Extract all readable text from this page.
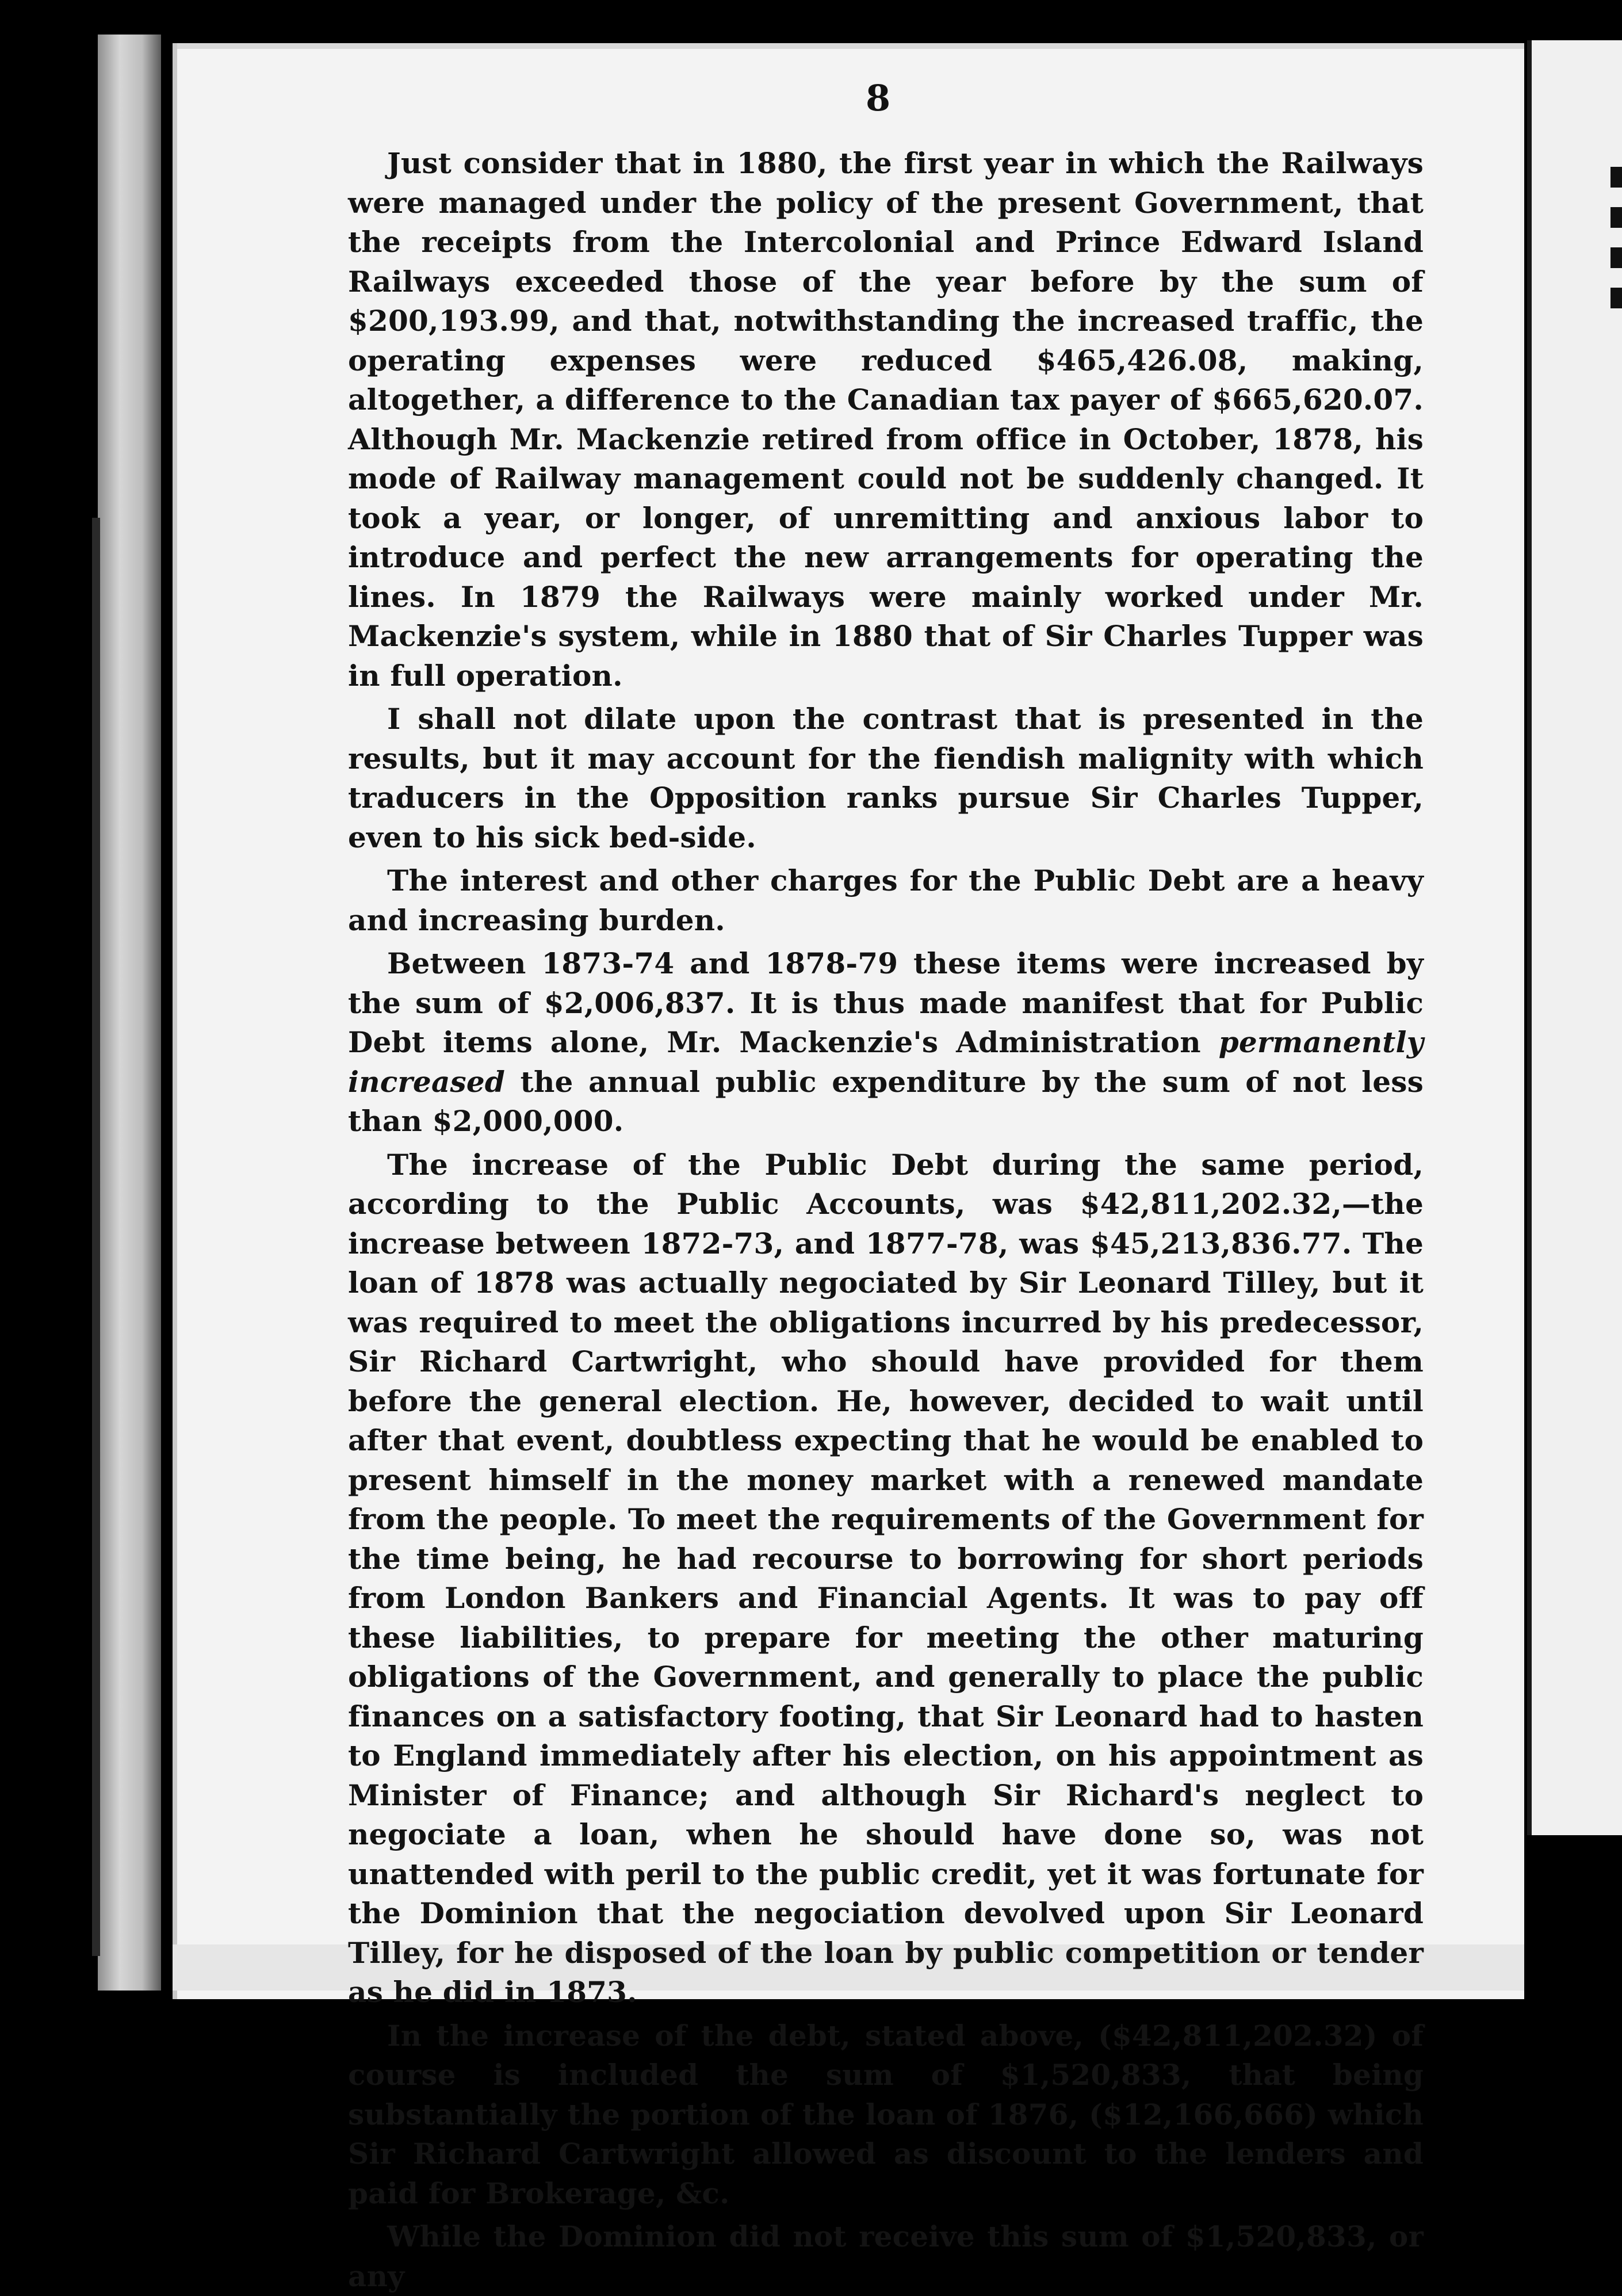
8

Just consider that in 1880, the first year in which the Railways were managed under the policy of the present Government, that the receipts from the Intercolonial and Prince Edward Island Railways exceeded those of the year before by the sum of $200,193.99, and that, notwithstanding the increased traffic, the operating expenses were reduced $465,426.08, making, altogether, a difference to the Canadian tax payer of $665,620.07. Although Mr. Mackenzie retired from office in October, 1878, his mode of Railway management could not be suddenly changed. It took a year, or longer, of unremitting and anxious labor to introduce and perfect the new arrangements for operating the lines. In 1879 the Railways were mainly worked under Mr. Mackenzie's system, while in 1880 that of Sir Charles Tupper was in full operation.

I shall not dilate upon the contrast that is presented in the results, but it may account for the fiendish malignity with which traducers in the Opposition ranks pursue Sir Charles Tupper, even to his sick bed-side.

The interest and other charges for the Public Debt are a heavy and increasing burden.

Between 1873-74 and 1878-79 these items were increased by the sum of $2,006,837. It is thus made manifest that for Public Debt items alone, Mr. Mackenzie's Administration permanently increased the annual public expenditure by the sum of not less than $2,000,000.

The increase of the Public Debt during the same period, according to the Public Accounts, was $42,811,202.32,—the increase between 1872-73, and 1877-78, was $45,213,836.77. The loan of 1878 was actually negociated by Sir Leonard Tilley, but it was required to meet the obligations incurred by his predecessor, Sir Richard Cartwright, who should have provided for them before the general election. He, however, decided to wait until after that event, doubtless expecting that he would be enabled to present himself in the money market with a renewed mandate from the people. To meet the requirements of the Government for the time being, he had recourse to borrowing for short periods from London Bankers and Financial Agents. It was to pay off these liabilities, to prepare for meeting the other maturing obligations of the Government, and generally to place the public finances on a satisfactory footing, that Sir Leonard had to hasten to England immediately after his election, on his appointment as Minister of Finance; and although Sir Richard's neglect to negociate a loan, when he should have done so, was not unattended with peril to the public credit, yet it was fortunate for the Dominion that the negociation devolved upon Sir Leonard Tilley, for he disposed of the loan by public competition or tender as he did in 1873.

In the increase of the debt, stated above, ($42,811,202.32) of course is included the sum of $1,520,833, that being substantially the portion of the loan of 1876, ($12,166,666) which Sir Richard Cartwright allowed as discount to the lenders and paid for Brokerage, &c.

While the Dominion did not receive this sum of $1,520,833, or any
